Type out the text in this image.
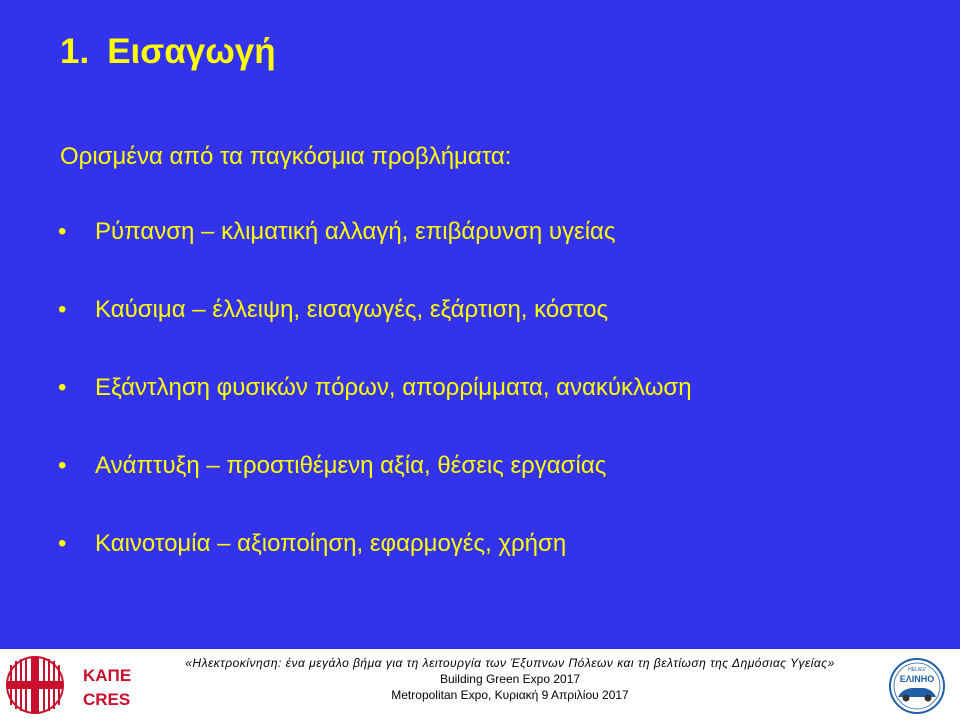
1. Εισαγωγή
Ορισμένα από τα παγκόσμια προβλήματα:
• Ρύπανση – κλιματική αλλαγή, επιβάρυνση υγείας
• Καύσιμα – έλλειψη, εισαγωγές, εξάρτιση, κόστος
• Εξάντληση φυσικών πόρων, απορρίμματα, ανακύκλωση
• Ανάπτυξη – προστιθέμενη αξία, θέσεις εργασίας
• Καινοτομία – αξιοποίηση, εφαρμογές, χρήση
ΚΑΠΕ
CRES
«Ηλεκτροκίνηση: ένα μεγάλο βήμα για τη λειτουργία των Έξυπνων Πόλεων και τη βελτίωση της Δημόσιας Υγείας»
Building Green Expo 2017
Metropolitan Expo, Κυριακή 9 Απριλίου 2017
HELIEV
ΕΛΙΝΗΟ
